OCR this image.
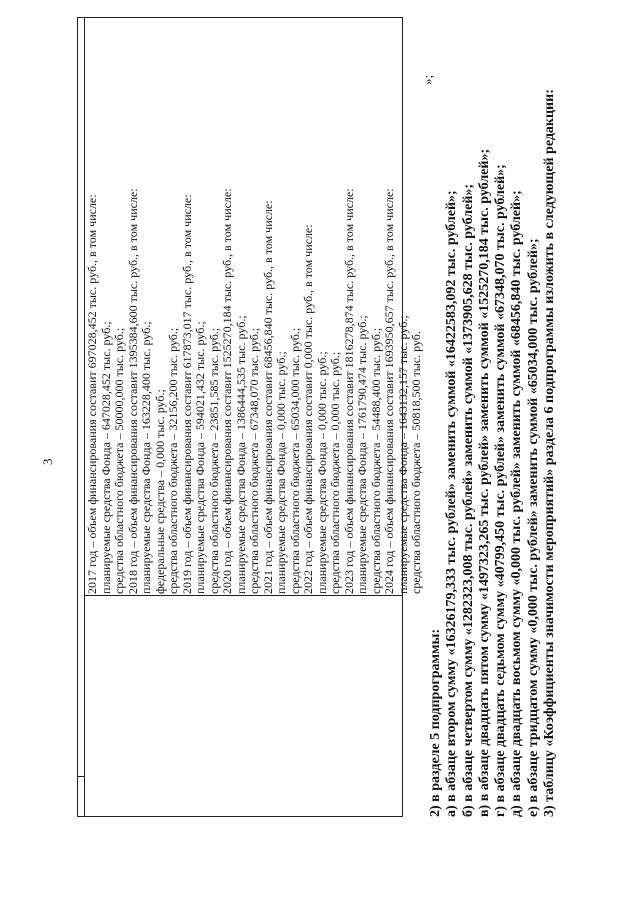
3	2017 год – объем финансирования составит 697028,452 тыс. руб., в том числе: планируемые средства Фонда – 647028,452 тыс. руб.; средства областного бюджета – 50000,000 тыс. руб.; 2018 год – объем финансирования составит 1395384,600 тыс. руб., в том числе: планируемые средства Фонда – 163228,400 тыс. руб.; федеральные средства – 0,000 тыс. руб.; средства областного бюджета – 32156,200 тыс. руб.; 2019 год – объем финансирования составит 617873,017 тыс. руб., в том числе: планируемые средства Фонда – 594021,432 тыс. руб.; средства областного бюджета – 23851,585 тыс. руб.; 2020 год – объем финансирования составит 1525270,184 тыс. руб., в том числе: планируемые средства Фонда – 1386444,535 тыс. руб.; средства областного бюджета – 67348,070 тыс. руб.; 2021 год – объем финансирования составит 68456,840 тыс. руб., в том числе: планируемые средства Фонда – 0,000 тыс. руб.; средства областного бюджета – 65034,000 тыс. руб.; 2022 год – объем финансирования составит 0,000 тыс. руб., в том числе: планируемые средства Фонда – 0,000 тыс. руб.; средства областного бюджета – 0,000 тыс. руб.; 2023 год – объем финансирования составит 1816278,874 тыс. руб., в том числе: планируемые средства Фонда – 1761790,474 тыс. руб.; средства областного бюджета – 54488,400 тыс. руб.; 2024 год – объем финансирования составит 1693950,657 тыс. руб., в том числе: планируемые средства Фонда – 1643132,157 тыс. руб.; средства областного бюджета – 50818,500 тыс. руб.
»;
2) в разделе 5 подпрограммы: а) в абзаце втором сумму «16326179,333 тыс. рублей» заменить суммой «16422583,092 тыс. рублей»; б) в абзаце четвертом сумму «1282323,008 тыс. рублей» заменить суммой «1373905,628 тыс. рублей»; в) в абзаце двадцать пятом сумму «1497323,265 тыс. рублей» заменить суммой «1525270,184 тыс. рублей»; г) в абзаце двадцать седьмом сумму «40799,450 тыс. рублей» заменить суммой «67348,070 тыс. рублей»; д) в абзаце двадцать восьмом сумму «0,000 тыс. рублей» заменить суммой «68456,840 тыс. рублей»; е) в абзаце тридцатом сумму «0,000 тыс. рублей» заменить суммой «65034,000 тыс. рублей»; 3) таблицу «Коэффициенты значимости мероприятий» раздела 6 подпрограммы изложить в следующей редакции:
